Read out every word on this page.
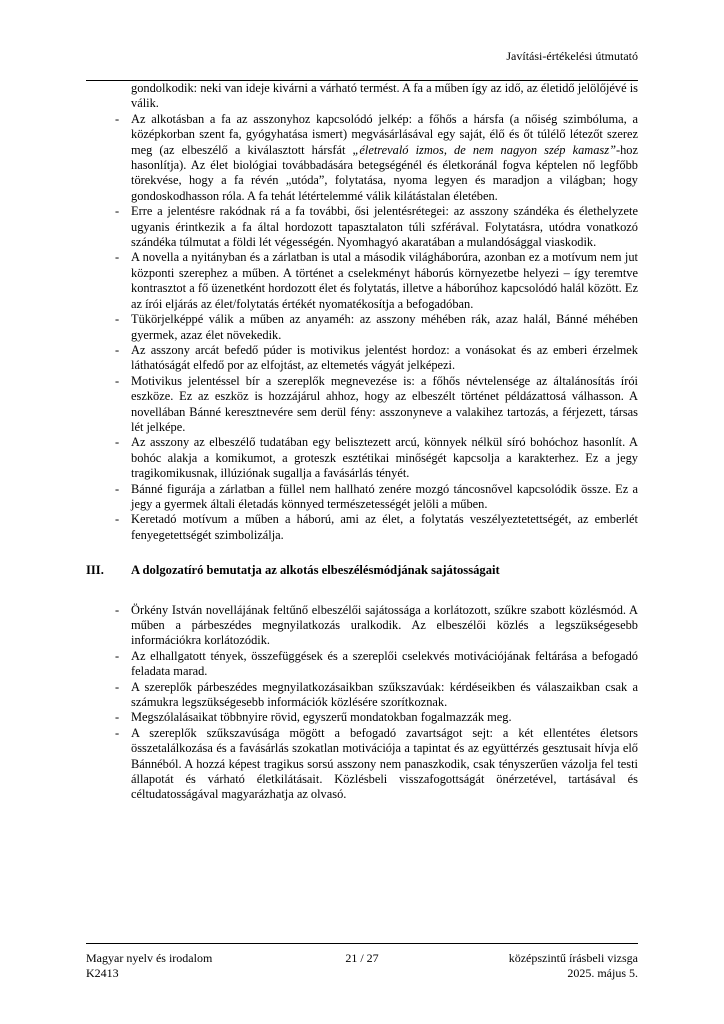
Javítási-értékelési útmutató

gondolkodik: neki van ideje kivárni a várható termést. A fa a műben így az idő, az életidő jelölőjévé is válik.

- Az alkotásban a fa az asszonyhoz kapcsolódó jelkép: a főhős a hársfa (a nőiség szimbóluma, a középkorban szent fa, gyógyhatása ismert) megvásárlásával egy saját, élő és őt túlélő létezőt szerez meg (az elbeszélő a kiválasztott hársfát „életrevaló izmos, de nem nagyon szép kamasz”-hoz hasonlítja). Az élet biológiai továbbadására betegségénél és életkoránál fogva képtelen nő legfőbb törekvése, hogy a fa révén „utóda”, folytatása, nyoma legyen és maradjon a világban; hogy gondoskodhasson róla. A fa tehát létértelemmé válik kilátástalan életében.
- Erre a jelentésre rakódnak rá a fa további, ősi jelentésrétegei: az asszony szándéka és élethelyzete ugyanis érintkezik a fa által hordozott tapasztalaton túli szférával. Folytatásra, utódra vonatkozó szándéka túlmutat a földi lét végességén. Nyomhagyó akaratában a mulandósággal viaskodik.
- A novella a nyitányban és a zárlatban is utal a második világháborúra, azonban ez a motívum nem jut központi szerephez a műben. A történet a cselekményt háborús környezetbe helyezi – így teremtve kontrasztot a fő üzenetként hordozott élet és folytatás, illetve a háborúhoz kapcsolódó halál között. Ez az írói eljárás az élet/folytatás értékét nyomatékosítja a befogadóban.
- Tükörjelképpé válik a műben az anyaméh: az asszony méhében rák, azaz halál, Bánné méhében gyermek, azaz élet növekedik.
- Az asszony arcát befedő púder is motivikus jelentést hordoz: a vonásokat és az emberi érzelmek láthatóságát elfedő por az elfojtást, az eltemetés vágyát jelképezi.
- Motivikus jelentéssel bír a szereplők megnevezése is: a főhős névtelensége az általánosítás írói eszköze. Ez az eszköz is hozzájárul ahhoz, hogy az elbeszélt történet példázattosá válhasson. A novellában Bánné keresztnevére sem derül fény: asszonyneve a valakihez tartozás, a férjezett, társas lét jelképe.
- Az asszony az elbeszélő tudatában egy belisztezett arcú, könnyek nélkül síró bohóchoz hasonlít. A bohóc alakja a komikumot, a groteszk esztétikai minőségét kapcsolja a karakterhez. Ez a jegy tragikomikusnak, illúziónak sugallja a favásárlás tényét.
- Bánné figurája a zárlatban a füllel nem hallható zenére mozgó táncosnővel kapcsolódik össze. Ez a jegy a gyermek általi életadás könnyed természetességét jelöli a műben.
- Keretadó motívum a műben a háború, ami az élet, a folytatás veszélyeztetettségét, az emberlét fenyegetettségét szimbolizálja.
III.	A dolgozatíró bemutatja az alkotás elbeszélésmódjának sajátosságait
- Örkény István novellájának feltűnő elbeszélői sajátossága a korlátozott, szűkre szabott közlésmód. A műben a párbeszédes megnyilatkozás uralkodik. Az elbeszélői közlés a legszükségesebb információkra korlátozódik.
- Az elhallgatott tények, összefüggések és a szereplői cselekvés motivációjának feltárása a befogadó feladata marad.
- A szereplők párbeszédes megnyilatkozásaikban szűkszavúak: kérdéseikben és válaszaikban csak a számukra legszükségesebb információk közlésére szorítkoznak.
- Megszólalásaikat többnyire rövid, egyszerű mondatokban fogalmazzák meg.
- A szereplők szűkszavúsága mögött a befogadó zavartságot sejt: a két ellentétes életsors összetalálkozása és a favásárlás szokatlan motivációja a tapintat és az együttérzés gesztusait hívja elő Bánnéból. A hozzá képest tragikus sorsú asszony nem panaszkodik, csak tényszerűen vázolja fel testi állapotát és várható életkilátásait. Közlésbeli visszafogottságát önérzetével, tartásával és céltudatosságával magyarázhatja az olvasó.
Magyar nyelv és irodalom
K2413
21 / 27	középszintű írásbeli vizsga
2025. május 5.
